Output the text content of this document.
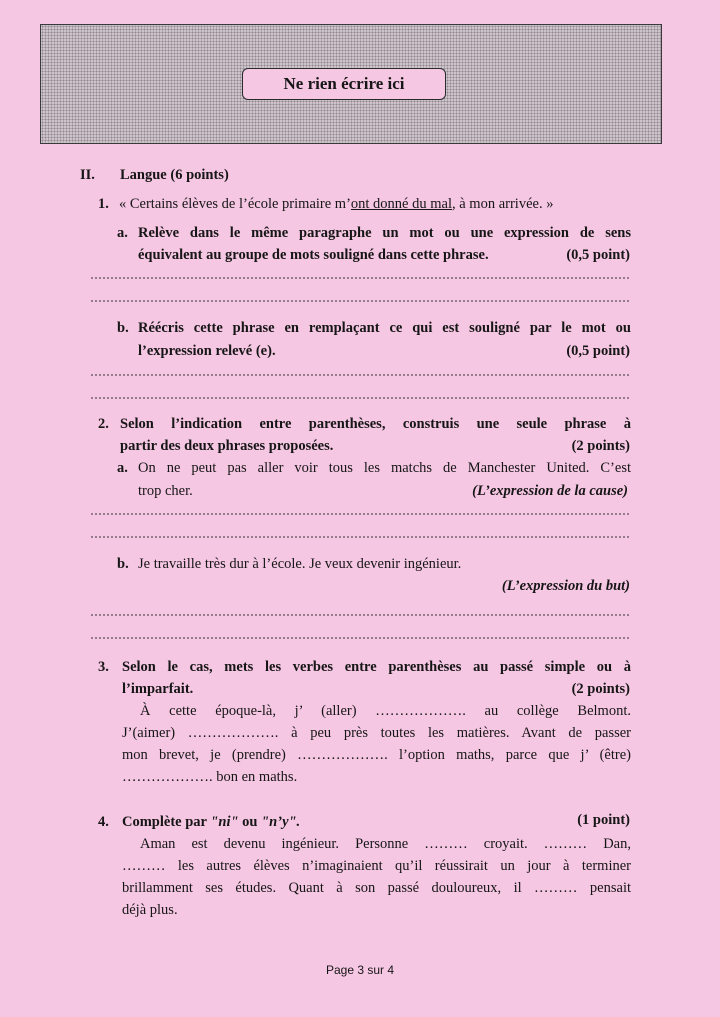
Ne rien écrire ici
II. Langue (6 points)
1. « Certains élèves de l’école primaire m’ont donné du mal, à mon arrivée. »
a. Relève dans le même paragraphe un mot ou une expression de sens
équivalent au groupe de mots souligné dans cette phrase.	(0,5 point)
b. Réécris cette phrase en remplaçant ce qui est souligné par le mot ou
l’expression relevé (e).	(0,5 point)
2. Selon l’indication entre parenthèses, construis une seule phrase à
partir des deux phrases proposées.	(2 points)
a. On ne peut pas aller voir tous les matchs de Manchester United. C’est
trop cher.	(L’expression de la cause)
b. Je travaille très dur à l’école. Je veux devenir ingénieur.
(L’expression du but)
3. Selon le cas, mets les verbes entre parenthèses au passé simple ou à
l’imparfait.	(2 points)
À cette époque-là, j’ (aller) ………………. au collège Belmont.
J’(aimer) ………………. à peu près toutes les matières. Avant de passer
mon brevet, je (prendre) ………………. l’option maths, parce que j’ (être)
………………. bon en maths.
4. Complète par "ni" ou "n’y".	(1 point)
Aman est devenu ingénieur. Personne ……… croyait. ……… Dan,
……… les autres élèves n’imaginaient qu’il réussirait un jour à terminer
brillamment ses études. Quant à son passé douloureux, il ……… pensait
déjà plus.
Page 3 sur 4
